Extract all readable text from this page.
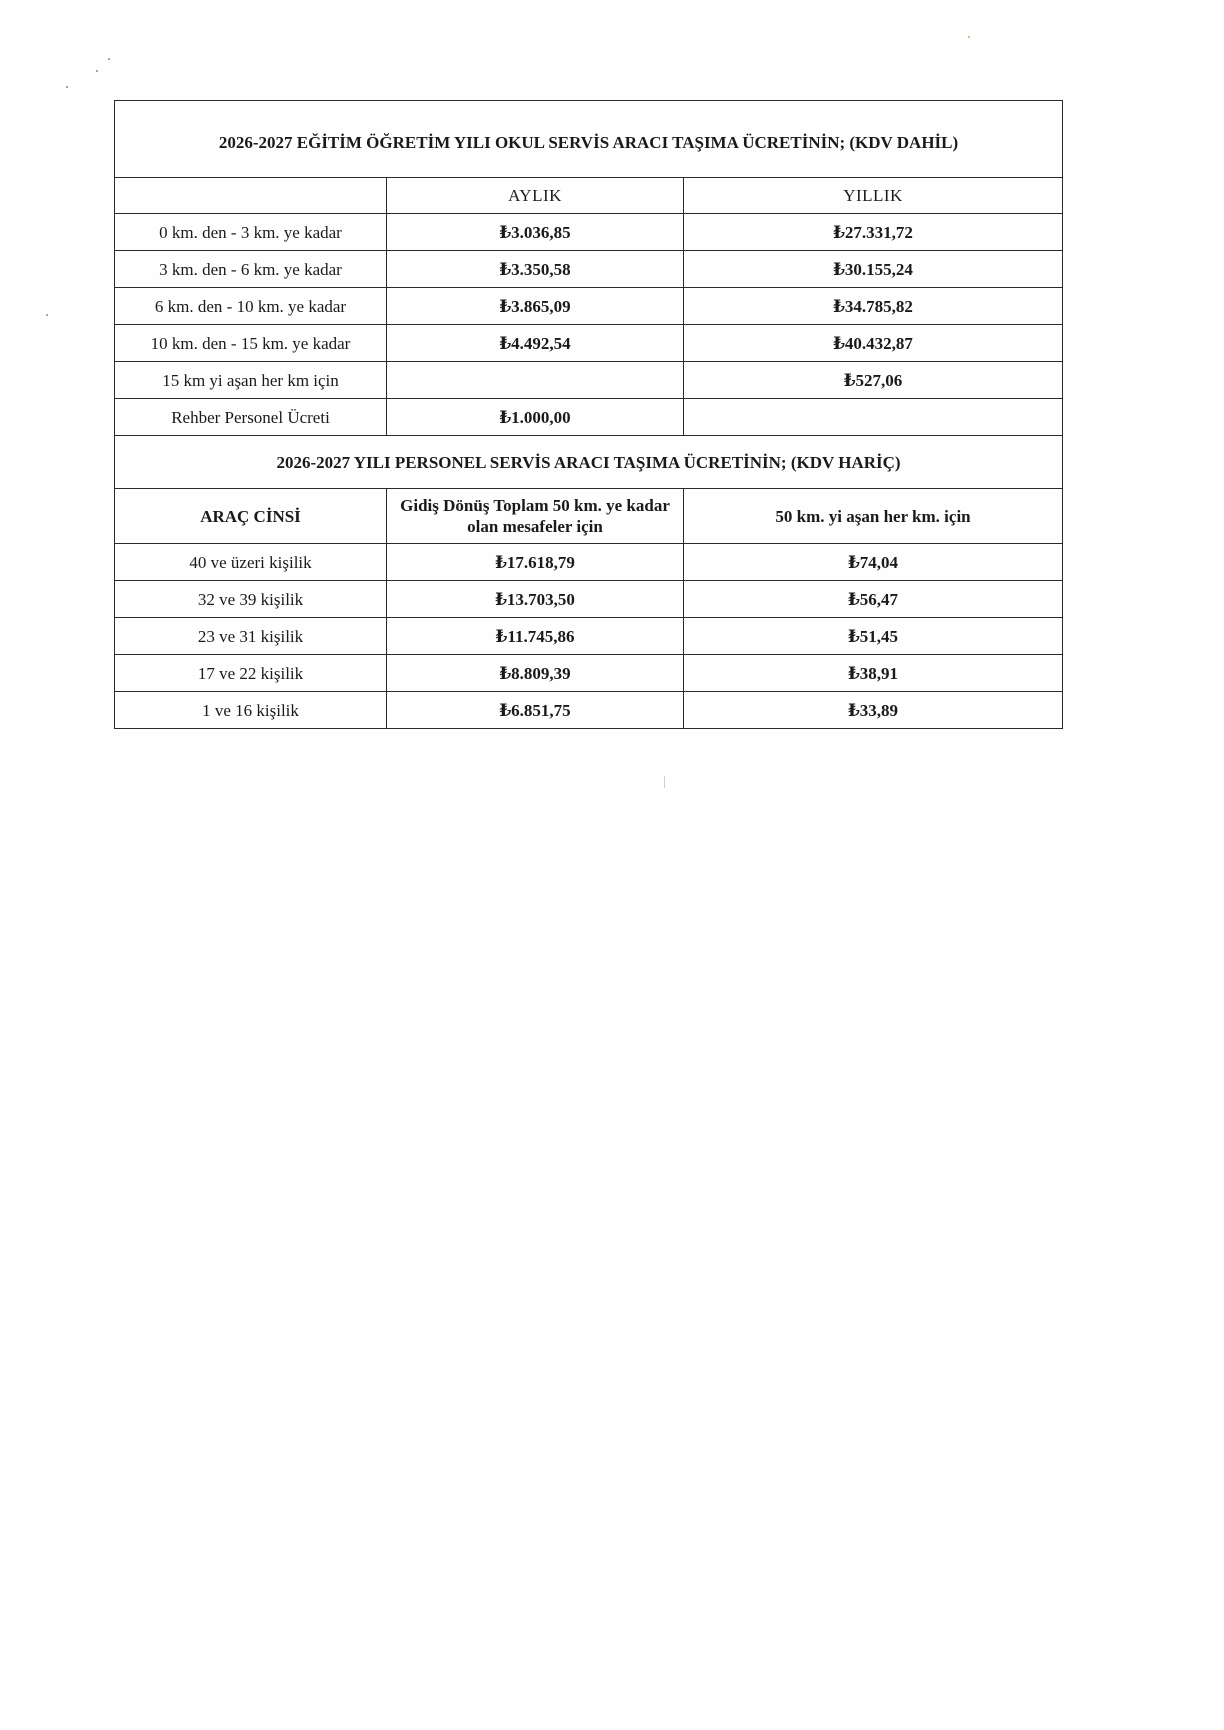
2026-2027 EĞİTİM ÖĞRETİM YILI OKUL SERVİS ARACI TAŞIMA ÜCRETİNİN; (KDV DAHİL)		
	AYLIK	YILLIK
0 km. den - 3 km. ye kadar	₺3.036,85	₺27.331,72
3 km. den - 6 km. ye kadar	₺3.350,58	₺30.155,24
6 km. den - 10 km. ye kadar	₺3.865,09	₺34.785,82
10 km. den - 15 km. ye kadar	₺4.492,54	₺40.432,87
15 km yi aşan her km için		₺527,06
Rehber Personel Ücreti	₺1.000,00	
2026-2027 YILI PERSONEL SERVİS ARACI TAŞIMA ÜCRETİNİN; (KDV HARİÇ)		
ARAÇ CİNSİ	Gidiş Dönüş Toplam 50 km. ye kadar olan mesafeler için	50 km. yi aşan her km. için
40 ve üzeri kişilik	₺17.618,79	₺74,04
32 ve 39 kişilik	₺13.703,50	₺56,47
23 ve 31 kişilik	₺11.745,86	₺51,45
17 ve 22 kişilik	₺8.809,39	₺38,91
1 ve 16 kişilik	₺6.851,75	₺33,89
